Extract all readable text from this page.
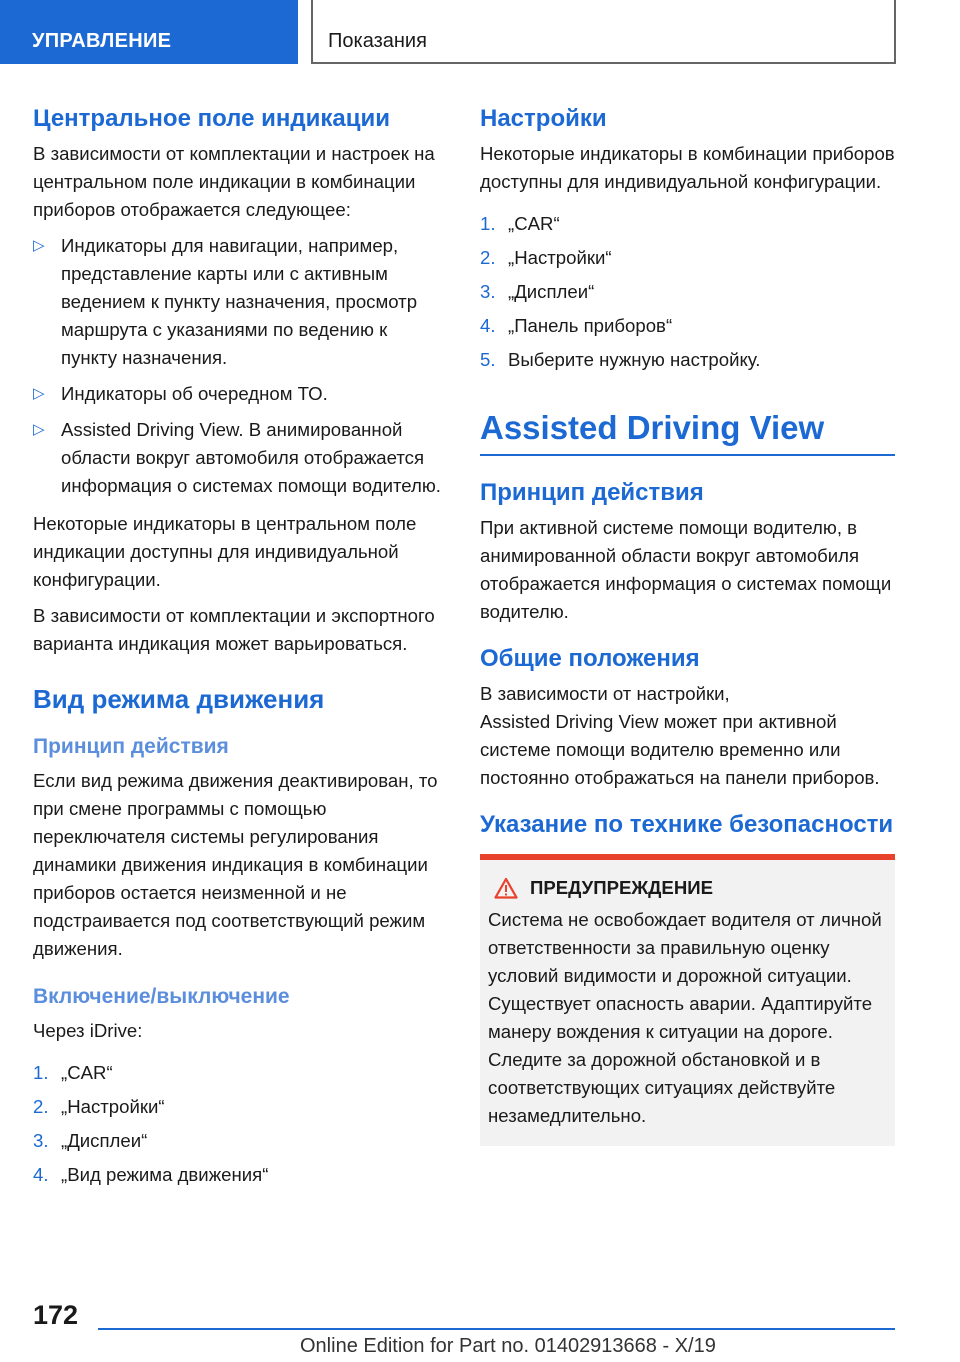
УПРАВЛЕНИЕ	Показания
Центральное поле индикации

В зависимости от комплектации и настроек на центральном поле индикации в комбинации приборов отображается следующее:

▷ Индикаторы для навигации, например, представление карты или с активным ведением к пункту назначения, просмотр маршрута с указаниями по ведению к пункту назначения.
▷ Индикаторы об очередном ТО.
▷ Assisted Driving View. В анимированной области вокруг автомобиля отображается информация о системах помощи водителю.

Некоторые индикаторы в центральном поле индикации доступны для индивидуальной конфигурации.

В зависимости от комплектации и экспортного варианта индикация может варьироваться.

Вид режима движения
Принцип действия

Если вид режима движения деактивирован, то при смене программы с помощью переключателя системы регулирования динамики движения индикация в комбинации приборов остается неизменной и не подстраивается под соответствующий режим движения.

Включение/выключение

Через iDrive:

1. „CAR“
2. „Настройки“
3. „Дисплеи“
4. „Вид режима движения“
Настройки

Некоторые индикаторы в комбинации приборов доступны для индивидуальной конфигурации.

1. „CAR“
2. „Настройки“
3. „Дисплеи“
4. „Панель приборов“
5. Выберите нужную настройку.
Assisted Driving View
Принцип действия

При активной системе помощи водителю, в анимированной области вокруг автомобиля отображается информация о системах помощи водителю.

Общие положения

В зависимости от настройки,

Assisted Driving View может при активной системе помощи водителю временно или постоянно отображаться на панели приборов.

Указание по технике безопасности
ПРЕДУПРЕЖДЕНИЕ
Система не освобождает водителя от личной ответственности за правильную оценку условий видимости и дорожной ситуации. Существует опасность аварии. Адаптируйте манеру вождения к ситуации на дороге. Следите за дорожной обстановкой и в соответствующих ситуациях действуйте незамедлительно.
172
Online Edition for Part no. 01402913668 - X/19
